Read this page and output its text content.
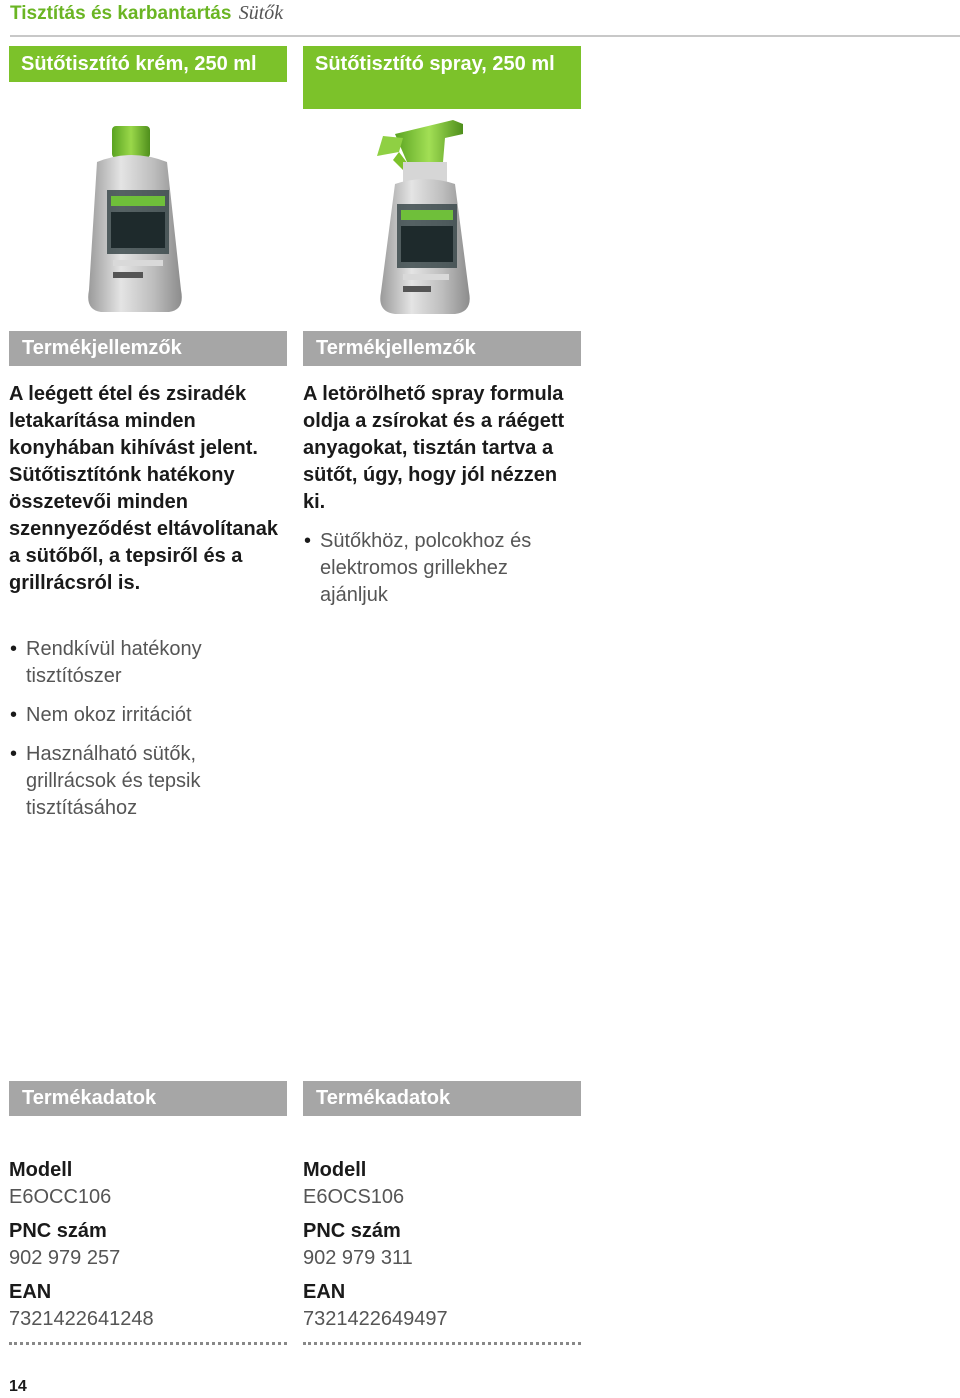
Tisztítás és karbantartás Sütők
Sütőtisztító krém, 250 ml
Termékjellemzők

A leégett étel és zsiradék letakarítása minden konyhában kihívást jelent. Sütőtisztítónk hatékony összetevői minden szennyeződést eltávolítanak a sütőből, a tepsiről és a grillrácsról is.

• Rendkívül hatékony tisztítószer
• Nem okoz irritációt
• Használható sütők, grillrácsok és tepsik tisztításához
Termékadatok
Modell
E6OCC106
PNC szám
902 979 257
EAN
7321422641248
Sütőtisztító spray, 250 ml
Termékjellemzők

A letörölhető spray formula oldja a zsírokat és a ráégett anyagokat, tisztán tartva a sütőt, úgy, hogy jól nézzen ki.

• Sütőkhöz, polcokhoz és elektromos grillekhez ajánljuk
Termékadatok
Modell
E6OCS106
PNC szám
902 979 311
EAN
7321422649497
14
